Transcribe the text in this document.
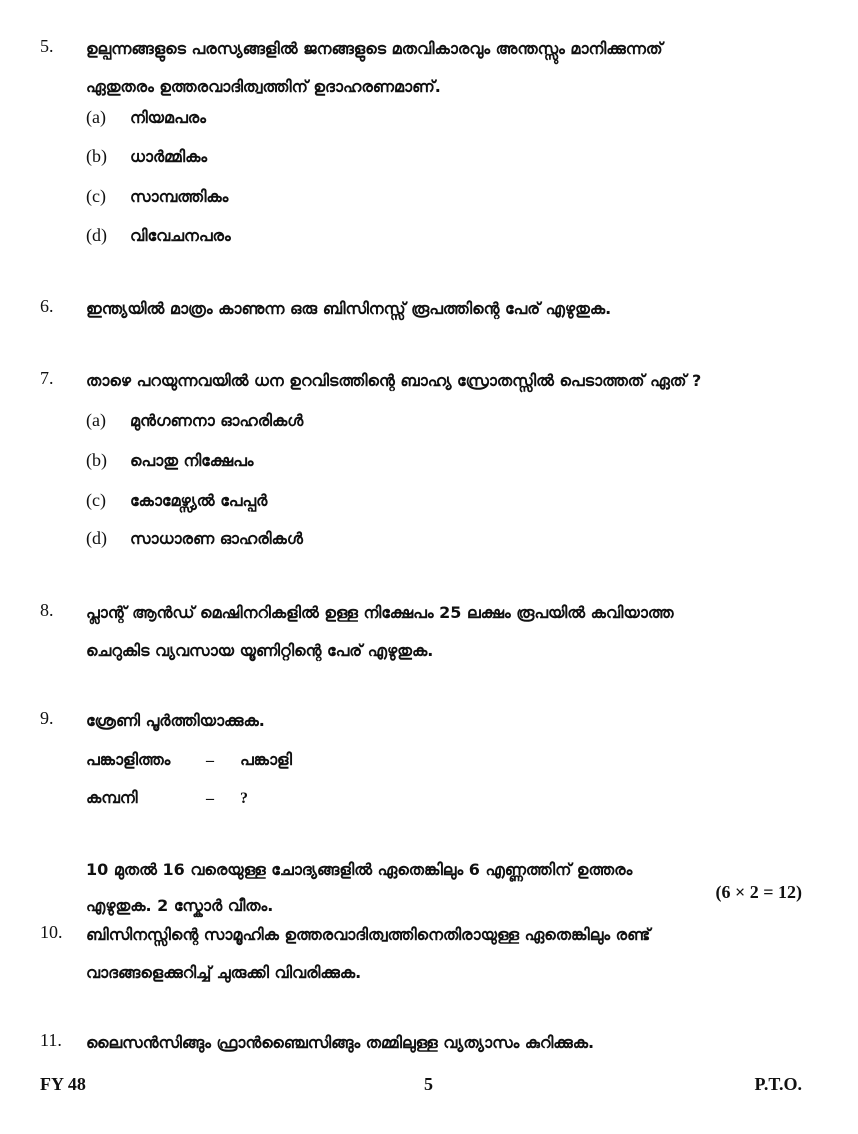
5. ഉല്പന്നങ്ങളുടെ പരസ്യങ്ങളിൽ ജനങ്ങളുടെ മതവികാരവും അന്തസ്സും മാനിക്കുന്നത്
ഏതുതരം ഉത്തരവാദിത്വത്തിന് ഉദാഹരണമാണ്.
(a) നിയമപരം
(b) ധാർമ്മികം
(c) സാമ്പത്തികം
(d) വിവേചനപരം
6. ഇന്ത്യയിൽ മാത്രം കാണുന്ന ഒരു ബിസിനസ്സ് രൂപത്തിന്റെ പേര് എഴുതുക.
7. താഴെ പറയുന്നവയിൽ ധന ഉറവിടത്തിന്റെ ബാഹ്യ സ്രോതസ്സിൽ പെടാത്തത് ഏത് ?
(a) മുൻഗണനാ ഓഹരികൾ
(b) പൊതു നിക്ഷേപം
(c) കോമേഴ്സ്യൽ പേപ്പർ
(d) സാധാരണ ഓഹരികൾ
8. പ്ലാന്റ് ആൻഡ് മെഷിനറികളിൽ ഉള്ള നിക്ഷേപം 25 ലക്ഷം രൂപയിൽ കവിയാത്ത
ചെറുകിട വ്യവസായ യൂണിറ്റിന്റെ പേര് എഴുതുക.
9. ശ്രേണി പൂർത്തിയാക്കുക.
പങ്കാളിത്തം – പങ്കാളി
കമ്പനി	– ?
10 മുതൽ 16 വരെയുള്ള ചോദ്യങ്ങളിൽ ഏതെങ്കിലും 6 എണ്ണത്തിന് ഉത്തരം
എഴുതുക. 2 സ്കോർ വീതം.
(6 × 2 = 12)
10. ബിസിനസ്സിന്റെ സാമൂഹിക ഉത്തരവാദിത്വത്തിനെതിരായുള്ള ഏതെങ്കിലും രണ്ട്
വാദങ്ങളെക്കുറിച്ച് ചുരുക്കി വിവരിക്കുക.
11. ലൈസൻസിങ്ങും ഫ്രാൻഞ്ചൈസിങ്ങും തമ്മിലുള്ള വ്യത്യാസം കുറിക്കുക.
FY 48	5	P.T.O.
